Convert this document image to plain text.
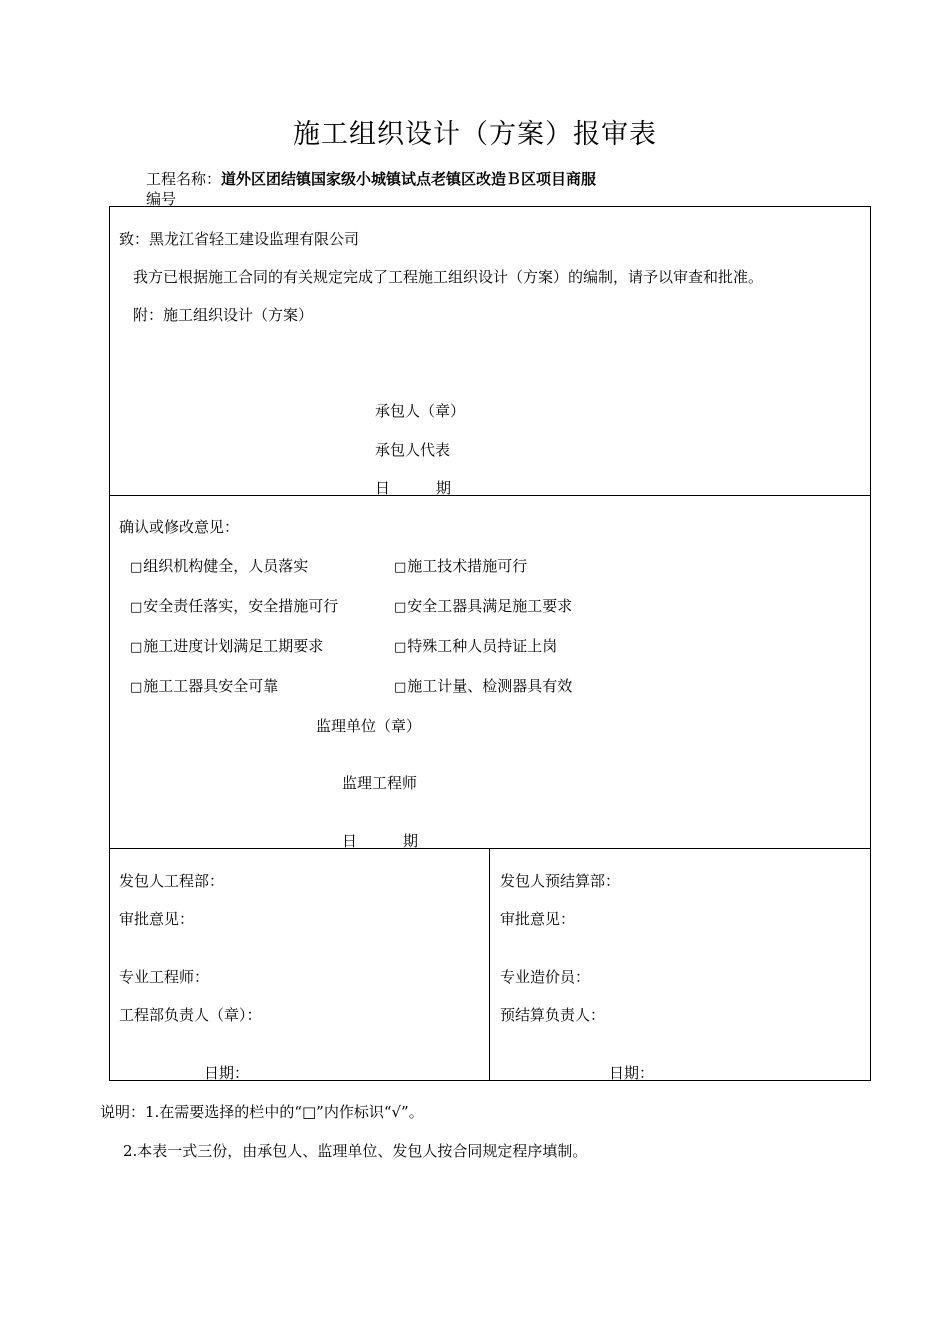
施工组织设计（方案）报审表
工程名称：道外区团结镇国家级小城镇试点老镇区改造Ｂ区项目商服
编号
致：黑龙江省轻工建设监理有限公司
我方已根据施工合同的有关规定完成了工程施工组织设计（方案）的编制，请予以审查和批准。
附：施工组织设计（方案）
承包人（章）
承包人代表
日	期
确认或修改意见：
□组织机构健全，人员落实	□施工技术措施可行
□安全责任落实，安全措施可行	□安全工器具满足施工要求
□施工进度计划满足工期要求	□特殊工种人员持证上岗
□施工工器具安全可靠	□施工计量、检测器具有效
监理单位（章）
监理工程师
日	期
发包人工程部：
审批意见：
专业工程师：
工程部负责人（章）：
日期：
发包人预结算部：
审批意见：
专业造价员：
预结算负责人：
日期：
说明：1.在需要选择的栏中的“□”内作标识“√”。
2.本表一式三份，由承包人、监理单位、发包人按合同规定程序填制。
